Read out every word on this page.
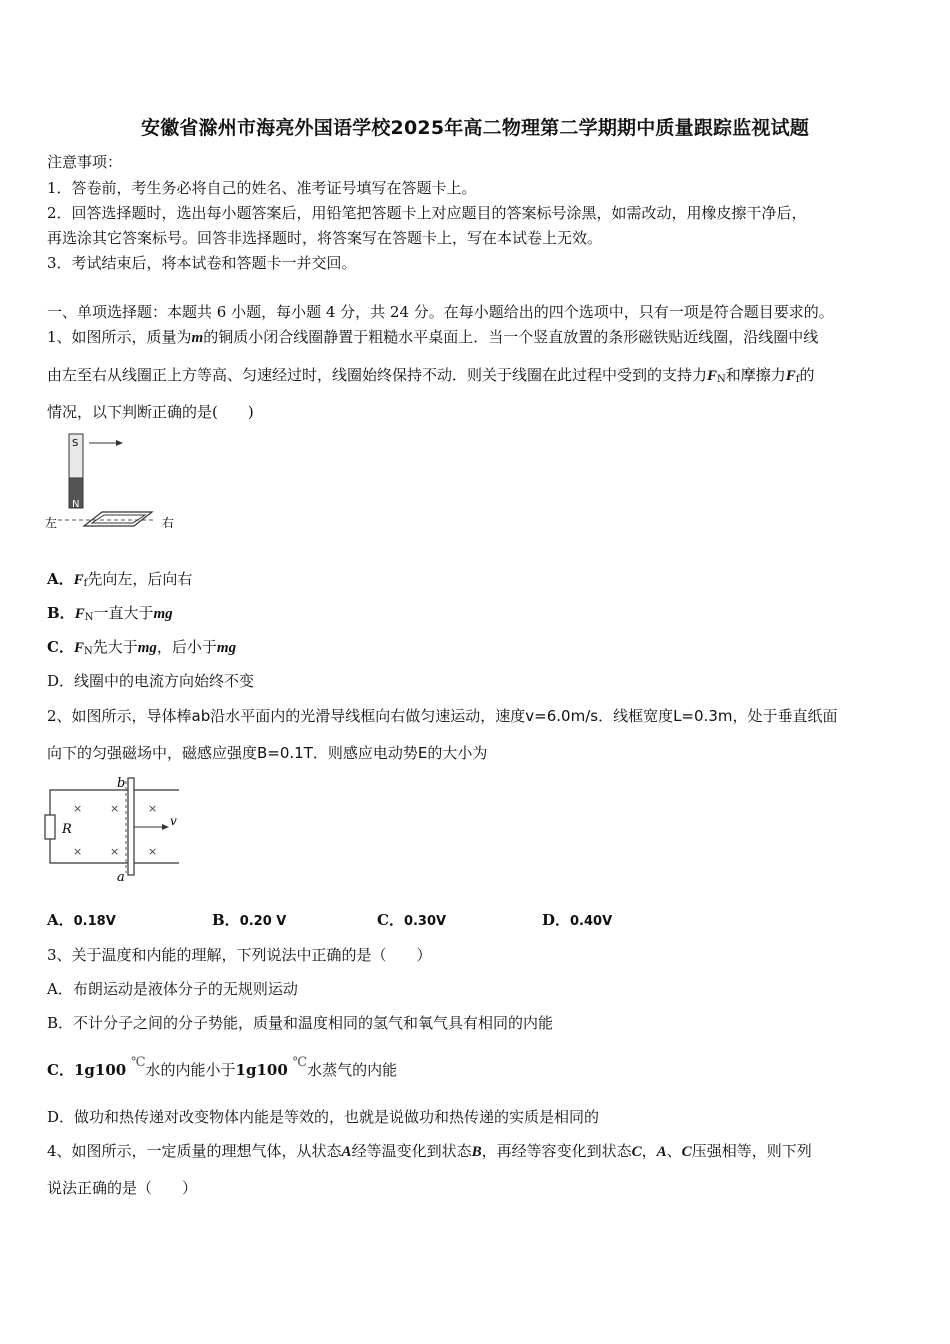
安徽省滁州市海亮外国语学校2025年高二物理第二学期期中质量跟踪监视试题
注意事项：
1．答卷前，考生务必将自己的姓名、准考证号填写在答题卡上。
2．回答选择题时，选出每小题答案后，用铅笔把答题卡上对应题目的答案标号涂黑，如需改动，用橡皮擦干净后，
再选涂其它答案标号。回答非选择题时，将答案写在答题卡上，写在本试卷上无效。
3．考试结束后，将本试卷和答题卡一并交回。
一、单项选择题：本题共 6 小题，每小题 4 分，共 24 分。在每小题给出的四个选项中，只有一项是符合题目要求的。
1、如图所示，质量为m的铜质小闭合线圈静置于粗糙水平桌面上．当一个竖直放置的条形磁铁贴近线圈，沿线圈中线
由左至右从线圈正上方等高、匀速经过时，线圈始终保持不动．则关于线圈在此过程中受到的支持力$F_N$和摩擦力$F_f$的
情况，以下判断正确的是(　　)
S
N
左	右
A．$F_f$先向左，后向右
B．$F_N$一直大于mg
C．$F_N$先大于mg，后小于mg
D．线圈中的电流方向始终不变
2、如图所示，导体棒ab沿水平面内的光滑导线框向右做匀速运动，速度v=6.0m/s．线框宽度L=0.3m，处于垂直纸面
向下的匀强磁场中，磁感应强度B=0.1T．则感应电动势E的大小为
R
b
a
v
×	×	×
×	×	×
A．0.18V	B．0.20 V	C．0.30V	D．0.40V
3、关于温度和内能的理解，下列说法中正确的是（　　）
A．布朗运动是液体分子的无规则运动
B．不计分子之间的分子势能，质量和温度相同的氢气和氧气具有相同的内能
C．1g100 ℃水的内能小于1g100 ℃水蒸气的内能
D．做功和热传递对改变物体内能是等效的，也就是说做功和热传递的实质是相同的
4、如图所示，一定质量的理想气体，从状态A经等温变化到状态B，再经等容变化到状态C，A、C压强相等，则下列
说法正确的是（　　）
